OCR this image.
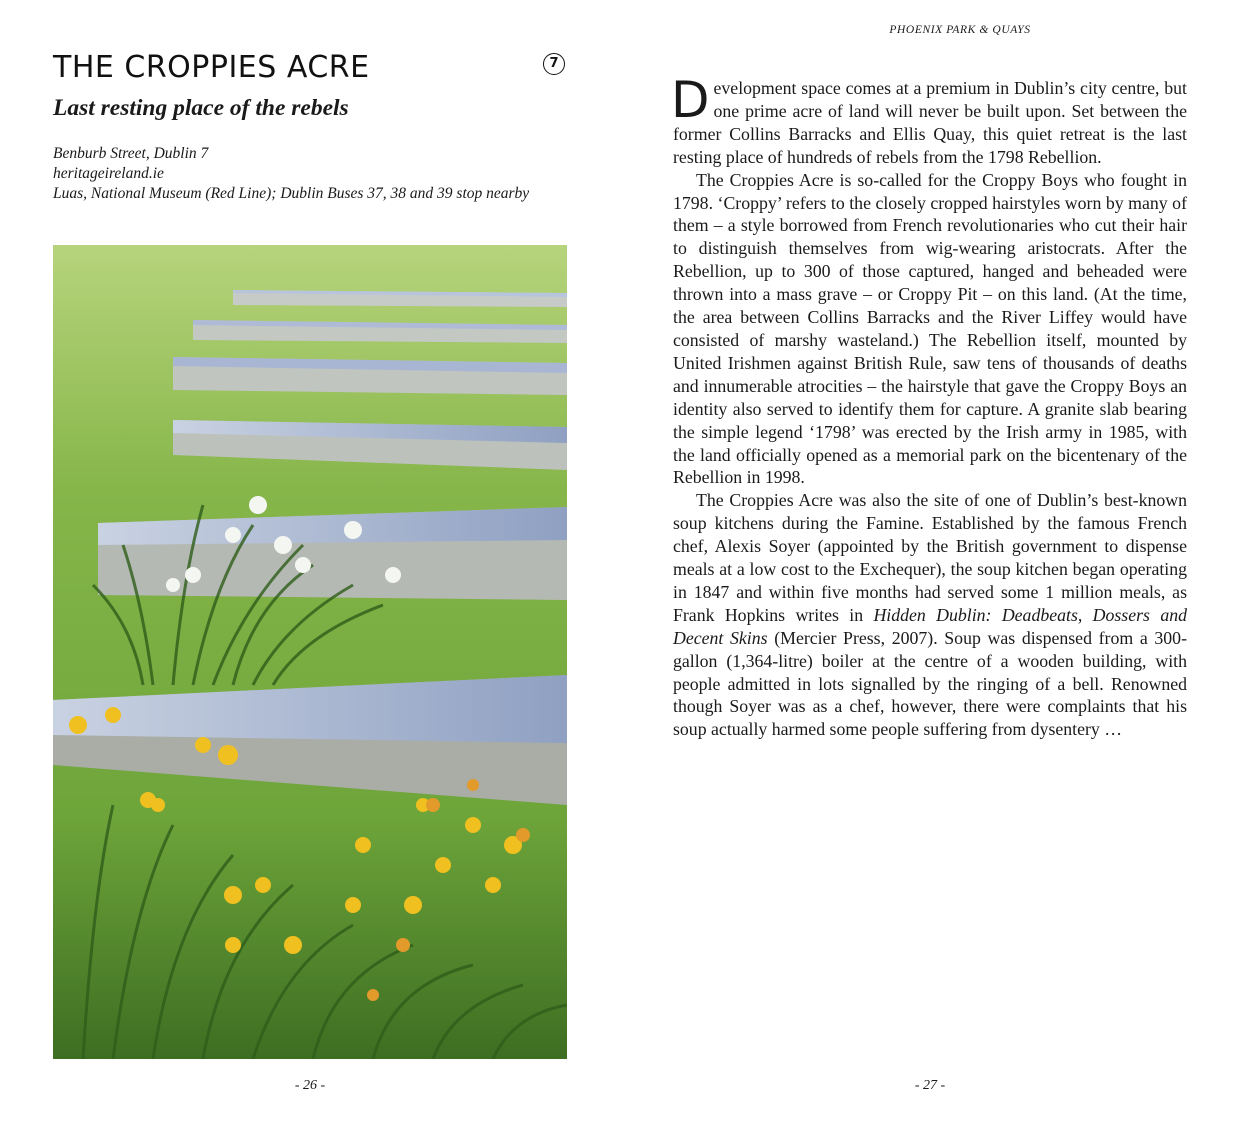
THE CROPPIES ACRE	7
Last resting place of the rebels
Benburb Street, Dublin 7
heritageireland.ie
Luas, National Museum (Red Line); Dublin Buses 37, 38 and 39 stop nearby
- 26 -
PHOENIX PARK & QUAYS

Development space comes at a premium in Dublin’s city centre, but one prime acre of land will never be built upon. Set between the former Collins Barracks and Ellis Quay, this quiet retreat is the last resting place of hundreds of rebels from the 1798 Rebellion.

The Croppies Acre is so-called for the Croppy Boys who fought in 1798. ‘Croppy’ refers to the closely cropped hairstyles worn by many of them – a style borrowed from French revolutionaries who cut their hair to distinguish themselves from wig-wearing aristocrats. After the Rebellion, up to 300 of those captured, hanged and beheaded were thrown into a mass grave – or Croppy Pit – on this land. (At the time, the area between Collins Barracks and the River Liffey would have consisted of marshy wasteland.) The Rebellion itself, mounted by United Irishmen against British Rule, saw tens of thousands of deaths and innumerable atrocities – the hairstyle that gave the Croppy Boys an identity also served to identify them for capture. A granite slab bearing the simple legend ‘1798’ was erected by the Irish army in 1985, with the land officially opened as a memorial park on the bicentenary of the Rebellion in 1998.

The Croppies Acre was also the site of one of Dublin’s best-known soup kitchens during the Famine. Established by the famous French chef, Alexis Soyer (appointed by the British government to dispense meals at a low cost to the Exchequer), the soup kitchen began operating in 1847 and within five months had served some 1 million meals, as Frank Hopkins writes in Hidden Dublin: Deadbeats, Dossers and Decent Skins (Mercier Press, 2007). Soup was dispensed from a 300-gallon (1,364-litre) boiler at the centre of a wooden building, with people admitted in lots signalled by the ringing of a bell. Renowned though Soyer was as a chef, however, there were complaints that his soup actually harmed some people suffering from dysentery …

- 27 -
